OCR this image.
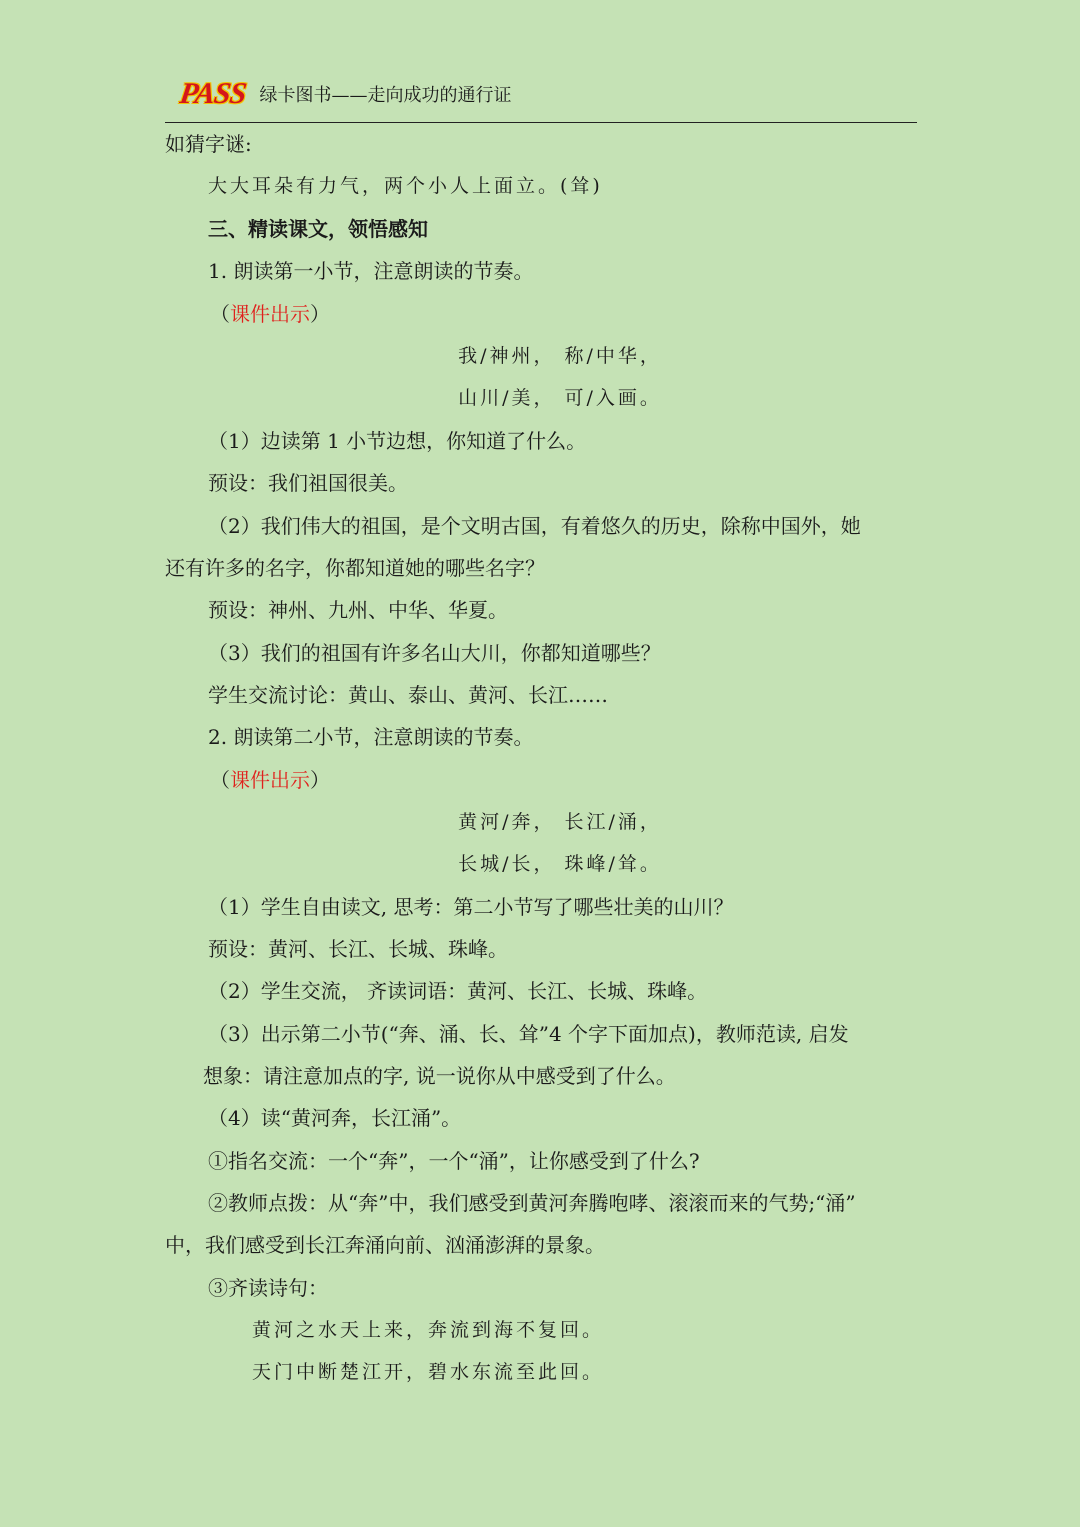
PASS 绿卡图书——走向成功的通行证
如猜字谜:
大大耳朵有力气，两个小人上面立。(耸)
三、精读课文，领悟感知
1. 朗读第一小节，注意朗读的节奏。
（课件出示）
我/神州， 称/中华，
山川/美， 可/入画。
（1）边读第 1 小节边想，你知道了什么。
预设：我们祖国很美。
（2）我们伟大的祖国，是个文明古国，有着悠久的历史，除称中国外，她
还有许多的名字，你都知道她的哪些名字？
预设：神州、九州、中华、华夏。
（3）我们的祖国有许多名山大川，你都知道哪些？
学生交流讨论：黄山、泰山、黄河、长江……
2. 朗读第二小节，注意朗读的节奏。
（课件出示）
黄河/奔， 长江/涌，
长城/长， 珠峰/耸。
（1）学生自由读文, 思考：第二小节写了哪些壮美的山川？
预设：黄河、长江、长城、珠峰。
（2）学生交流， 齐读词语：黄河、长江、长城、珠峰。
（3）出示第二小节(“奔、涌、长、耸”4 个字下面加点)，教师范读, 启发
想象：请注意加点的字, 说一说你从中感受到了什么。
（4）读“黄河奔，长江涌”。
①指名交流：一个“奔”，一个“涌”，让你感受到了什么?
②教师点拨：从“奔”中，我们感受到黄河奔腾咆哮、滚滚而来的气势;“涌”
中，我们感受到长江奔涌向前、汹涌澎湃的景象。
③齐读诗句：
黄河之水天上来，奔流到海不复回。
天门中断楚江开，碧水东流至此回。
